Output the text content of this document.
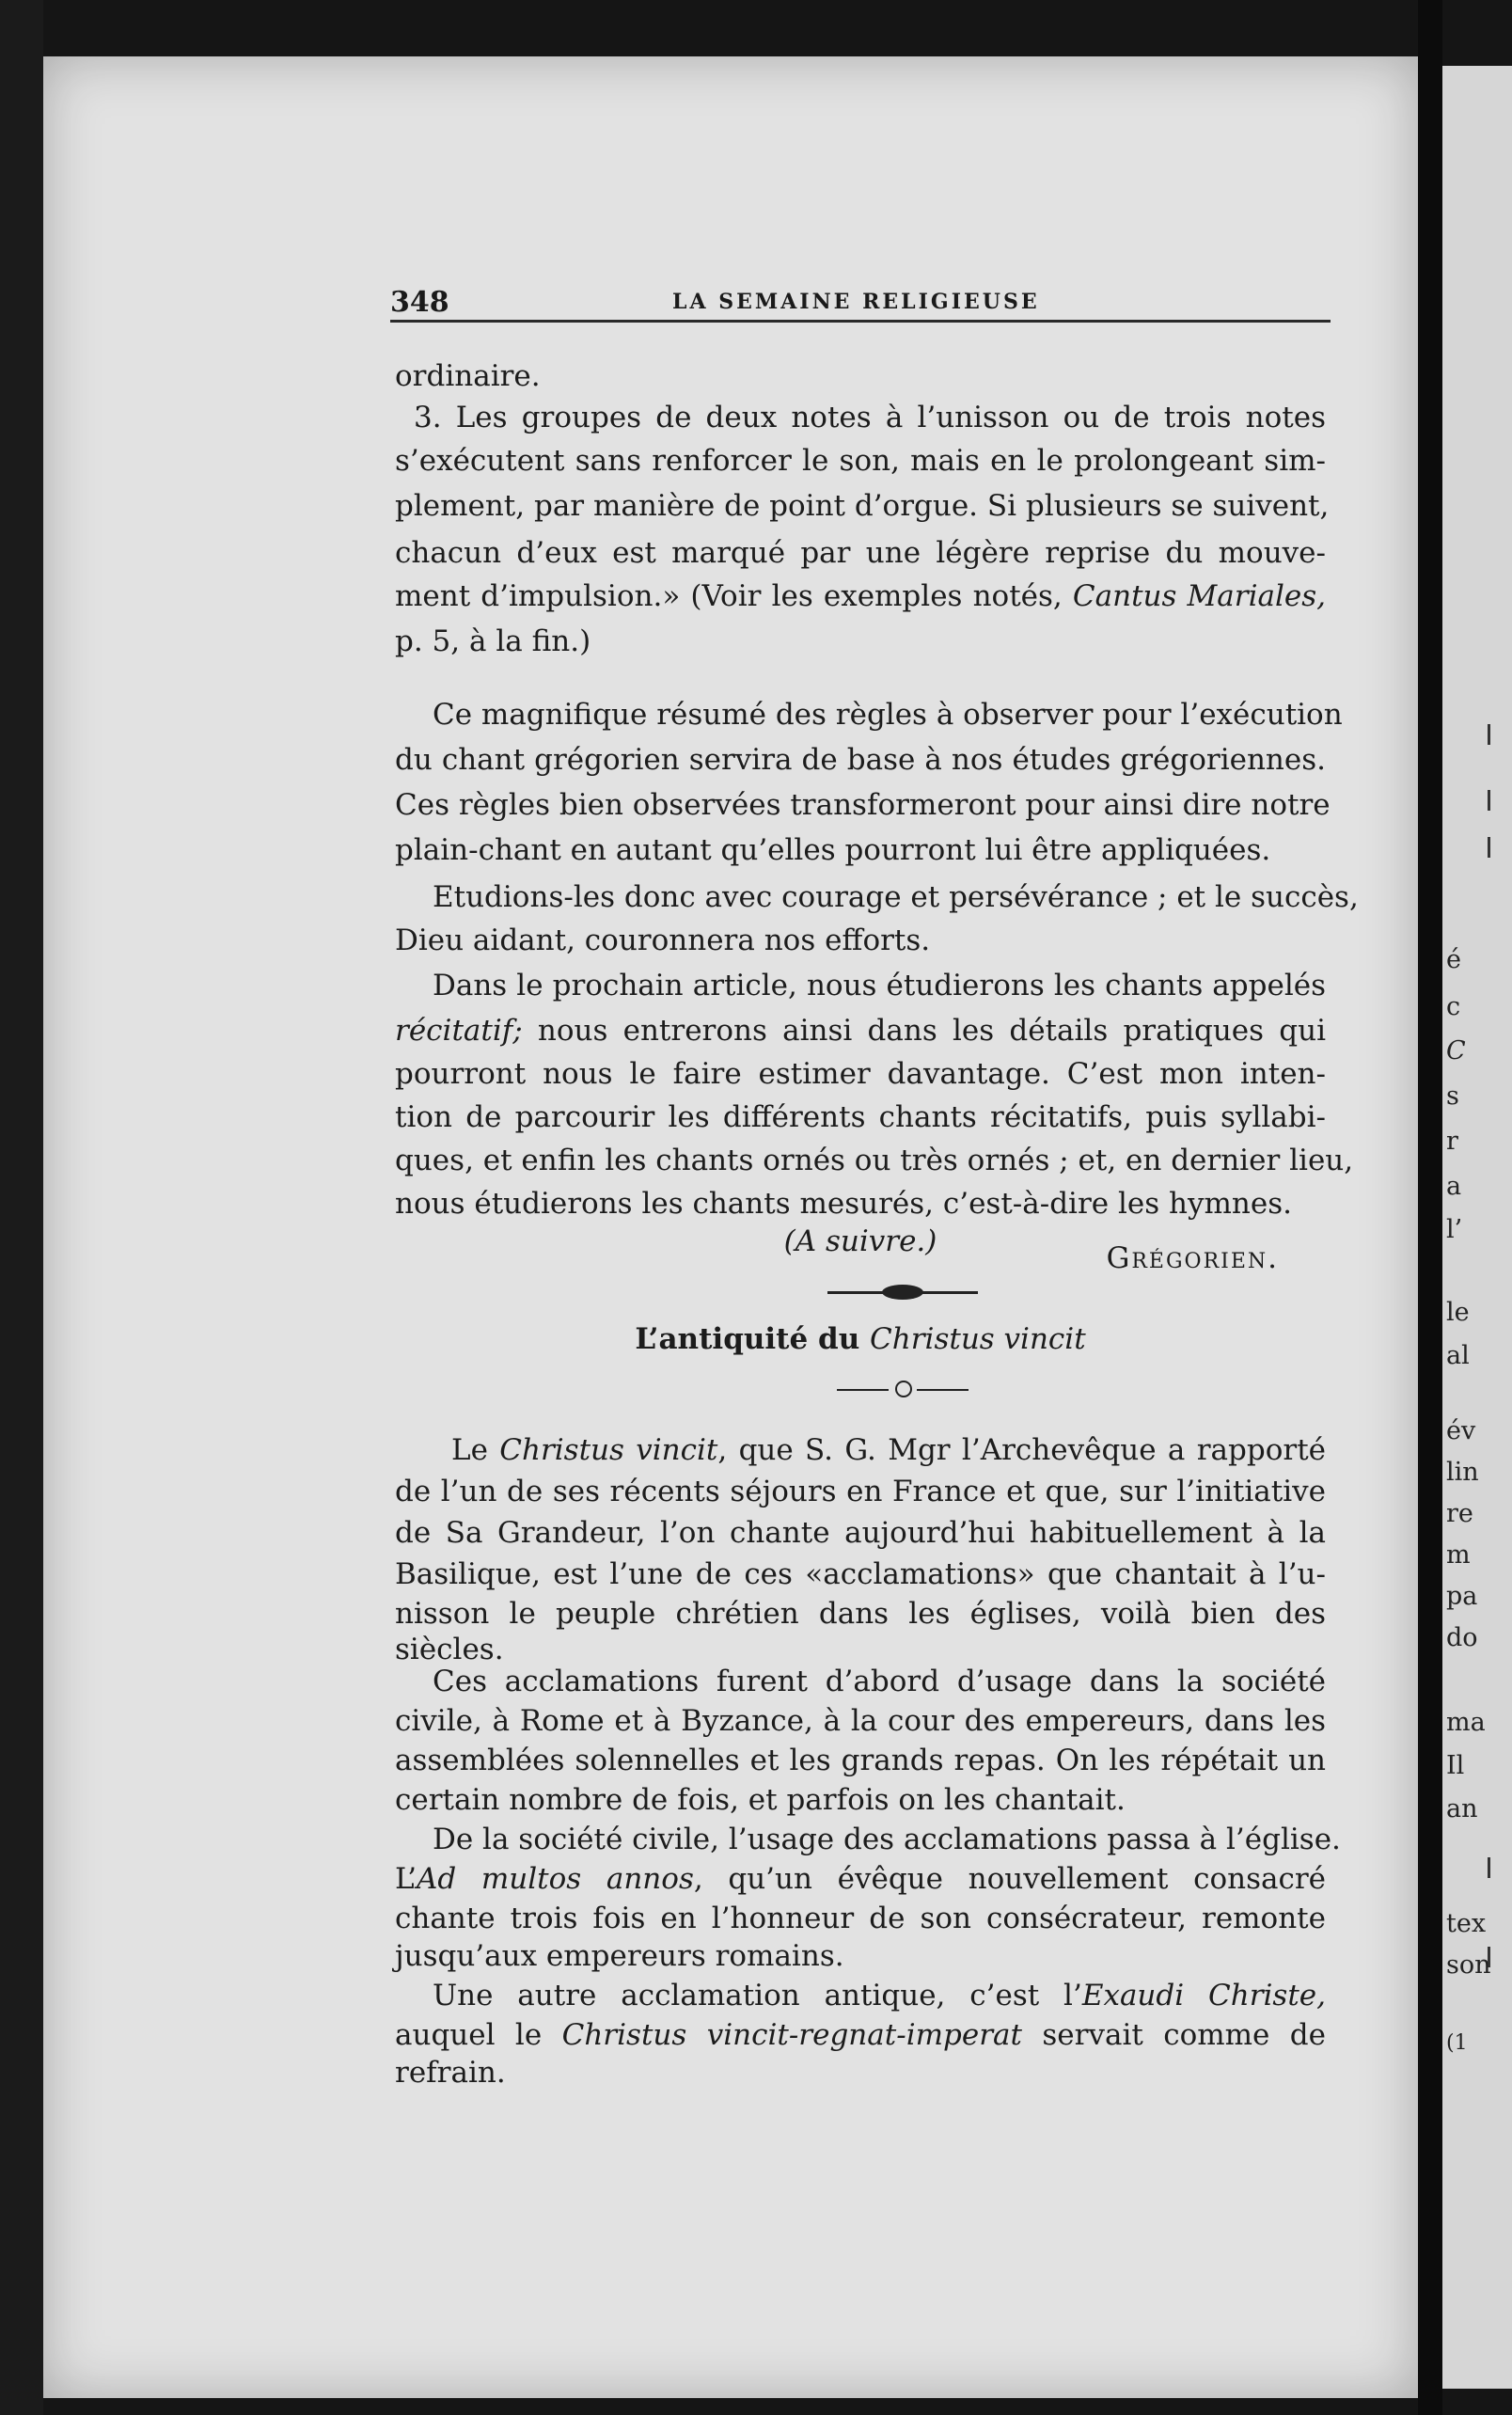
348	LA SEMAINE RELIGIEUSE

ordinaire.

3. Les groupes de deux notes à l’unisson ou de trois notes

s’exécutent sans renforcer le son, mais en le prolongeant sim-

plement, par manière de point d’orgue. Si plusieurs se suivent,

chacun d’eux est marqué par une légère reprise du mouve-

ment d’impulsion.» (Voir les exemples notés, Cantus Mariales,

p. 5, à la fin.)

Ce magnifique résumé des règles à observer pour l’exécution

du chant grégorien servira de base à nos études grégoriennes.

Ces règles bien observées transformeront pour ainsi dire notre

plain-chant en autant qu’elles pourront lui être appliquées.

Etudions-les donc avec courage et persévérance ; et le succès,

Dieu aidant, couronnera nos efforts.

Dans le prochain article, nous étudierons les chants appelés

récitatif; nous entrerons ainsi dans les détails pratiques qui

pourront nous le faire estimer davantage. C’est mon inten-

tion de parcourir les différents chants récitatifs, puis syllabi-

ques, et enfin les chants ornés ou très ornés ; et, en dernier lieu,

nous étudierons les chants mesurés, c’est-à-dire les hymnes.

(A suivre.)	Grégorien.

L’antiquité du Christus vincit

Le Christus vincit, que S. G. Mgr l’Archevêque a rapporté

de l’un de ses récents séjours en France et que, sur l’initiative

de Sa Grandeur, l’on chante aujourd’hui habituellement à la

Basilique, est l’une de ces «acclamations» que chantait à l’u-

nisson le peuple chrétien dans les églises, voilà bien des

siècles.

Ces acclamations furent d’abord d’usage dans la société

civile, à Rome et à Byzance, à la cour des empereurs, dans les

assemblées solennelles et les grands repas. On les répétait un

certain nombre de fois, et parfois on les chantait.

De la société civile, l’usage des acclamations passa à l’église.

L’Ad multos annos, qu’un évêque nouvellement consacré

chante trois fois en l’honneur de son consécrateur, remonte

jusqu’aux empereurs romains.

Une autre acclamation antique, c’est l’Exaudi Christe,

auquel le Christus vincit-regnat-imperat servait comme de

refrain.

é
c
C
s
r
a
l’
le
al
év
lin
re
m
pa
do
ma
Il
an
tex
son
(1
